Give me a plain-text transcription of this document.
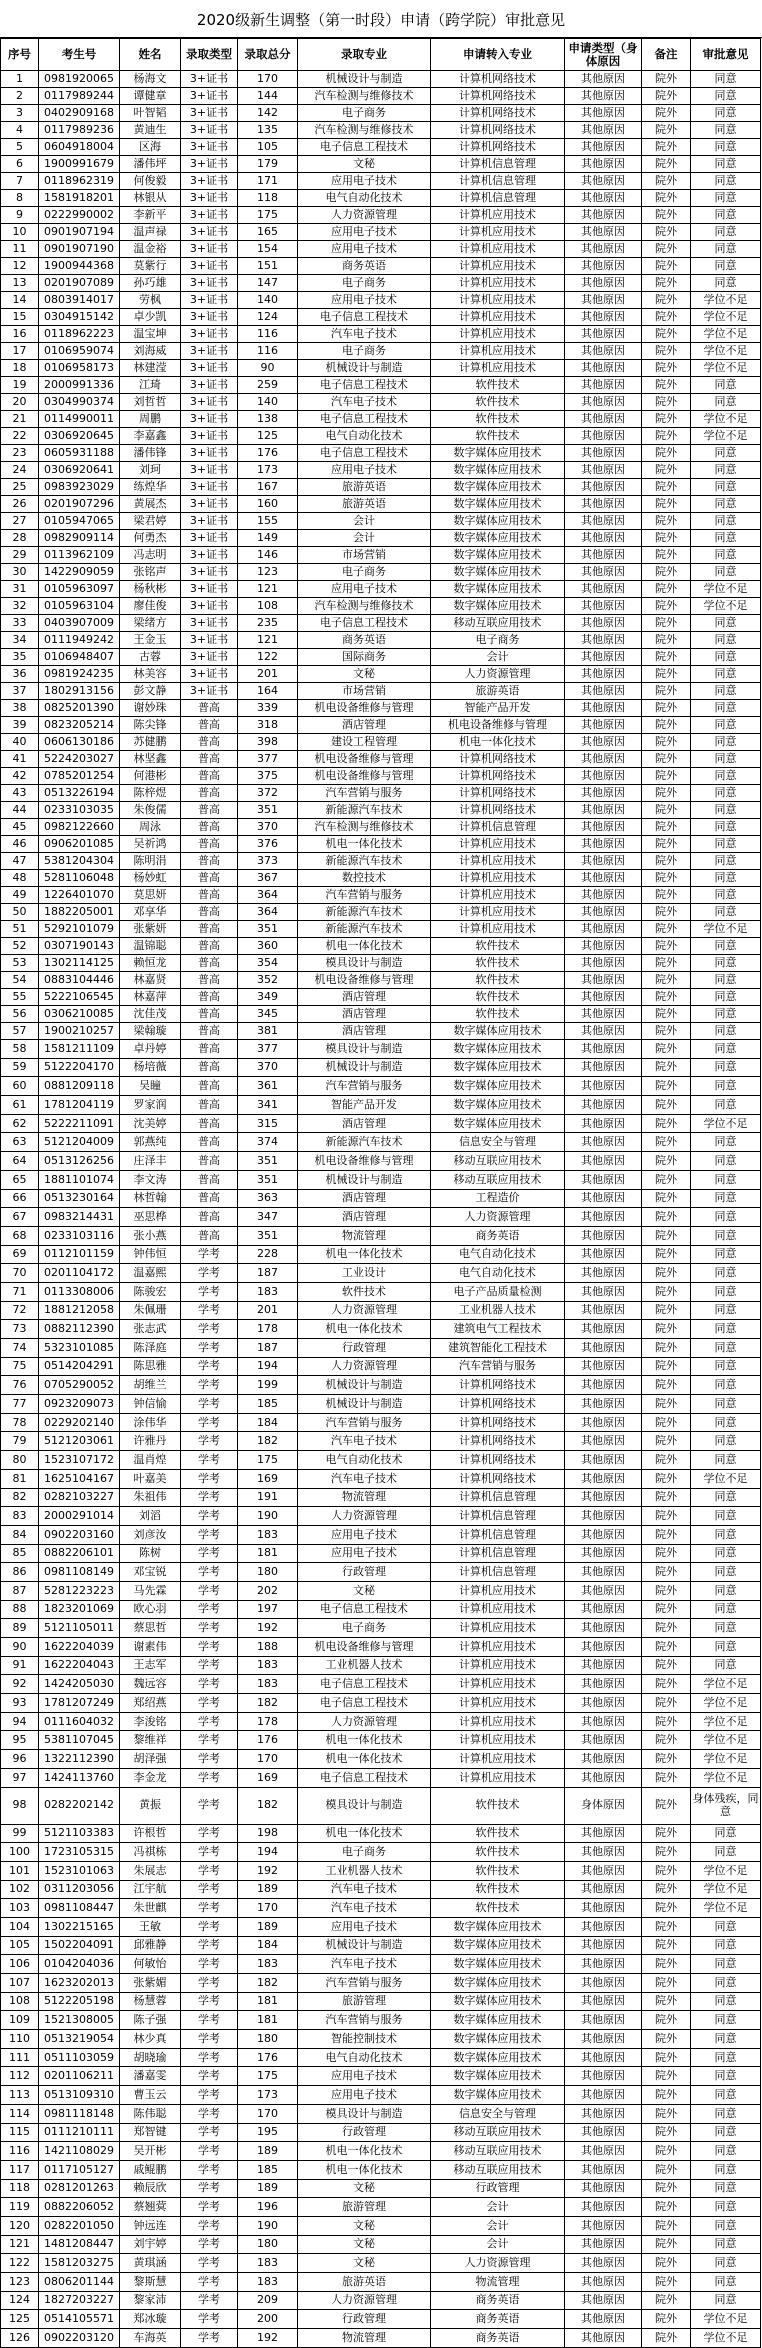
2020级新生调整（第一时段）申请（跨学院）审批意见
序号	考生号	姓名	录取类型	录取总分	录取专业	申请转入专业	申请类型（身体原因	备注	审批意见
1	0981920065	杨海文	3+证书	170	机械设计与制造	计算机网络技术	其他原因	院外	同意
2	0117989244	谭健章	3+证书	144	汽车检测与维修技术	计算机网络技术	其他原因	院外	同意
3	0402909168	叶智韬	3+证书	142	电子商务	计算机网络技术	其他原因	院外	同意
4	0117989236	黄迪生	3+证书	135	汽车检测与维修技术	计算机网络技术	其他原因	院外	同意
5	0604918004	区海	3+证书	105	电子信息工程技术	计算机网络技术	其他原因	院外	同意
6	1900991679	潘伟坪	3+证书	179	文秘	计算机信息管理	其他原因	院外	同意
7	0118962319	何俊毅	3+证书	171	应用电子技术	计算机信息管理	其他原因	院外	同意
8	1581918201	林银从	3+证书	118	电气自动化技术	计算机信息管理	其他原因	院外	同意
9	0222990002	李新平	3+证书	175	人力资源管理	计算机应用技术	其他原因	院外	同意
10	0901907194	温声禄	3+证书	165	应用电子技术	计算机应用技术	其他原因	院外	同意
11	0901907190	温金裕	3+证书	154	应用电子技术	计算机应用技术	其他原因	院外	同意
12	1900944368	莫紫行	3+证书	151	商务英语	计算机应用技术	其他原因	院外	同意
13	0201907089	孙巧雄	3+证书	147	电子商务	计算机应用技术	其他原因	院外	同意
14	0803914017	劳枫	3+证书	140	应用电子技术	计算机应用技术	其他原因	院外	学位不足
15	0304915142	卓少凯	3+证书	124	电子信息工程技术	计算机应用技术	其他原因	院外	学位不足
16	0118962223	温宝坤	3+证书	116	汽车电子技术	计算机应用技术	其他原因	院外	学位不足
17	0106959074	刘海威	3+证书	116	电子商务	计算机应用技术	其他原因	院外	学位不足
18	0106958173	林建滢	3+证书	90	机械设计与制造	计算机应用技术	其他原因	院外	学位不足
19	2000991336	江琦	3+证书	259	电子信息工程技术	软件技术	其他原因	院外	同意
20	0304990374	刘哲哲	3+证书	140	汽车电子技术	软件技术	其他原因	院外	同意
21	0114990011	周鹏	3+证书	138	电子信息工程技术	软件技术	其他原因	院外	学位不足
22	0306920645	李嘉鑫	3+证书	125	电气自动化技术	软件技术	其他原因	院外	学位不足
23	0605931188	潘伟锋	3+证书	176	电子信息工程技术	数字媒体应用技术	其他原因	院外	同意
24	0306920641	刘珂	3+证书	173	应用电子技术	数字媒体应用技术	其他原因	院外	同意
25	0983923029	练煌华	3+证书	167	旅游英语	数字媒体应用技术	其他原因	院外	同意
26	0201907296	黄展杰	3+证书	160	旅游英语	数字媒体应用技术	其他原因	院外	同意
27	0105947065	梁君婷	3+证书	155	会计	数字媒体应用技术	其他原因	院外	同意
28	0982909114	何勇杰	3+证书	149	会计	数字媒体应用技术	其他原因	院外	同意
29	0113962109	冯志明	3+证书	146	市场营销	数字媒体应用技术	其他原因	院外	同意
30	1422909059	张铭声	3+证书	123	电子商务	数字媒体应用技术	其他原因	院外	同意
31	0105963097	杨秋彬	3+证书	121	应用电子技术	数字媒体应用技术	其他原因	院外	学位不足
32	0105963104	廖佳俊	3+证书	108	汽车检测与维修技术	数字媒体应用技术	其他原因	院外	学位不足
33	0403907009	梁绪方	3+证书	235	电子信息工程技术	移动互联应用技术	其他原因	院外	同意
34	0111949242	王金玉	3+证书	121	商务英语	电子商务	其他原因	院外	同意
35	0106948407	古蓉	3+证书	122	国际商务	会计	其他原因	院外	同意
36	0981924235	林美容	3+证书	201	文秘	人力资源管理	其他原因	院外	同意
37	1802913156	彭文静	3+证书	164	市场营销	旅游英语	其他原因	院外	同意
38	0825201390	谢妙珠	普高	339	机电设备维修与管理	智能产品开发	其他原因	院外	同意
39	0823205214	陈尖锋	普高	318	酒店管理	机电设备维修与管理	其他原因	院外	同意
40	0606130186	苏健鹏	普高	398	建设工程管理	机电一体化技术	其他原因	院外	同意
41	5224203027	林坚鑫	普高	377	机电设备维修与管理	计算机网络技术	其他原因	院外	同意
42	0785201254	何港彬	普高	375	机电设备维修与管理	计算机网络技术	其他原因	院外	同意
43	0513226194	陈梓煜	普高	372	汽车营销与服务	计算机网络技术	其他原因	院外	同意
44	0233103035	朱俊儒	普高	351	新能源汽车技术	计算机网络技术	其他原因	院外	同意
45	0982122660	周泳	普高	370	汽车检测与维修技术	计算机信息管理	其他原因	院外	同意
46	0906201085	吴祈鸿	普高	376	机电一体化技术	计算机应用技术	其他原因	院外	同意
47	5381204304	陈明涓	普高	373	新能源汽车技术	计算机应用技术	其他原因	院外	同意
48	5281106048	杨妙虹	普高	367	数控技术	计算机应用技术	其他原因	院外	同意
49	1226401070	莫思妍	普高	364	汽车营销与服务	计算机应用技术	其他原因	院外	同意
50	1882205001	邓享华	普高	364	新能源汽车技术	计算机应用技术	其他原因	院外	同意
51	5292101079	张紫妍	普高	351	新能源汽车技术	计算机应用技术	其他原因	院外	学位不足
52	0307190143	温锦聪	普高	360	机电一体化技术	软件技术	其他原因	院外	同意
53	1302114125	赖恒龙	普高	354	模具设计与制造	软件技术	其他原因	院外	同意
54	0883104446	林嘉贤	普高	352	机电设备维修与管理	软件技术	其他原因	院外	同意
55	5222106545	林嘉萍	普高	349	酒店管理	软件技术	其他原因	院外	同意
56	0306210085	沈佳茂	普高	345	酒店管理	软件技术	其他原因	院外	同意
57	1900210257	梁翰璇	普高	381	酒店管理	数字媒体应用技术	其他原因	院外	同意
58	1581211109	卓丹婷	普高	377	模具设计与制造	数字媒体应用技术	其他原因	院外	同意
59	5122204170	杨培薇	普高	370	机械设计与制造	数字媒体应用技术	其他原因	院外	同意
60	0881209118	吴瞳	普高	361	汽车营销与服务	数字媒体应用技术	其他原因	院外	同意
61	1781204119	罗家润	普高	341	智能产品开发	数字媒体应用技术	其他原因	院外	同意
62	5222211091	沈美婷	普高	315	酒店管理	数字媒体应用技术	其他原因	院外	学位不足
63	5121204009	郭燕纯	普高	374	新能源汽车技术	信息安全与管理	其他原因	院外	同意
64	0513126256	庄泽丰	普高	351	机电设备维修与管理	移动互联应用技术	其他原因	院外	同意
65	1881101074	李文涛	普高	351	机械设计与制造	移动互联应用技术	其他原因	院外	同意
66	0513230164	林哲翰	普高	363	酒店管理	工程造价	其他原因	院外	同意
67	0983214431	巫思桦	普高	347	酒店管理	人力资源管理	其他原因	院外	同意
68	0233103116	张小燕	普高	351	物流管理	商务英语	其他原因	院外	同意
69	0112101159	钟伟恒	学考	228	机电一体化技术	电气自动化技术	其他原因	院外	同意
70	0201104172	温嘉熙	学考	187	工业设计	电气自动化技术	其他原因	院外	同意
71	0113308006	陈骏宏	学考	183	软件技术	电子产品质量检测	其他原因	院外	同意
72	1881212058	朱佩珊	学考	201	人力资源管理	工业机器人技术	其他原因	院外	同意
73	0882112390	张志武	学考	178	机电一体化技术	建筑电气工程技术	其他原因	院外	同意
74	5323101085	陈泽庭	学考	187	行政管理	建筑智能化工程技术	其他原因	院外	同意
75	0514204291	陈思雅	学考	194	人力资源管理	汽车营销与服务	其他原因	院外	同意
76	0705290052	胡维兰	学考	199	机械设计与制造	计算机网络技术	其他原因	院外	同意
77	0923209073	钟信愉	学考	185	机械设计与制造	计算机网络技术	其他原因	院外	同意
78	0229202140	涂伟华	学考	184	汽车营销与服务	计算机网络技术	其他原因	院外	同意
79	5121203061	许雅丹	学考	182	汽车电子技术	计算机网络技术	其他原因	院外	同意
80	1523107172	温肖煌	学考	175	电气自动化技术	计算机网络技术	其他原因	院外	同意
81	1625104167	叶嘉美	学考	169	汽车电子技术	计算机网络技术	其他原因	院外	学位不足
82	0282103227	朱祖伟	学考	191	物流管理	计算机信息管理	其他原因	院外	同意
83	2000291014	刘滔	学考	190	人力资源管理	计算机信息管理	其他原因	院外	同意
84	0902203160	刘彦汝	学考	183	应用电子技术	计算机信息管理	其他原因	院外	同意
85	0882206101	陈树	学考	181	应用电子技术	计算机信息管理	其他原因	院外	同意
86	0981108149	邓宝锐	学考	180	行政管理	计算机信息管理	其他原因	院外	同意
87	5281223223	马先霖	学考	202	文秘	计算机应用技术	其他原因	院外	同意
88	1823201069	欧心羽	学考	197	电子信息工程技术	计算机应用技术	其他原因	院外	同意
89	5121105011	蔡思哲	学考	192	电子商务	计算机应用技术	其他原因	院外	同意
90	1622204039	谢素伟	学考	188	机电设备维修与管理	计算机应用技术	其他原因	院外	同意
91	1622204043	王志军	学考	183	工业机器人技术	计算机应用技术	其他原因	院外	同意
92	1424205030	魏远容	学考	183	电子信息工程技术	计算机应用技术	其他原因	院外	学位不足
93	1781207249	郑绍燕	学考	182	电子信息工程技术	计算机应用技术	其他原因	院外	学位不足
94	0111604032	李浚铭	学考	178	人力资源管理	计算机应用技术	其他原因	院外	学位不足
95	5381107045	黎维祥	学考	176	机电一体化技术	计算机应用技术	其他原因	院外	学位不足
96	1322112390	胡泽强	学考	170	机电一体化技术	计算机应用技术	其他原因	院外	学位不足
97	1424113760	李金龙	学考	169	电子信息工程技术	计算机应用技术	其他原因	院外	学位不足
98	0282202142	黄振	学考	182	模具设计与制造	软件技术	身体原因	院外	身体残疾，同意
99	5121103383	许根哲	学考	198	机电一体化技术	软件技术	其他原因	院外	同意
100	1723105315	冯祺栋	学考	194	电子商务	软件技术	其他原因	院外	同意
101	1523101063	朱展志	学考	192	工业机器人技术	软件技术	其他原因	院外	学位不足
102	0311203056	江宇航	学考	189	汽车电子技术	软件技术	其他原因	院外	学位不足
103	0981108447	朱世麒	学考	170	汽车电子技术	软件技术	其他原因	院外	学位不足
104	1302215165	王敏	学考	189	应用电子技术	数字媒体应用技术	其他原因	院外	同意
105	1502204091	邱雅静	学考	184	机械设计与制造	数字媒体应用技术	其他原因	院外	同意
106	0104204036	何敏怡	学考	183	汽车电子技术	数字媒体应用技术	其他原因	院外	同意
107	1623202013	张紫媚	学考	182	汽车营销与服务	数字媒体应用技术	其他原因	院外	同意
108	5122205198	杨慧蓉	学考	181	旅游管理	数字媒体应用技术	其他原因	院外	同意
109	1521308005	陈子强	学考	181	汽车营销与服务	数字媒体应用技术	其他原因	院外	同意
110	0513219054	林少真	学考	180	智能控制技术	数字媒体应用技术	其他原因	院外	同意
111	0511103059	胡晓瑜	学考	176	电气自动化技术	数字媒体应用技术	其他原因	院外	同意
112	0201106211	潘嘉雯	学考	175	应用电子技术	数字媒体应用技术	其他原因	院外	同意
113	0513109310	曹玉云	学考	173	应用电子技术	数字媒体应用技术	其他原因	院外	同意
114	0981118148	陈伟聪	学考	170	模具设计与制造	信息安全与管理	其他原因	院外	同意
115	0111210111	郑智键	学考	195	行政管理	移动互联应用技术	其他原因	院外	同意
116	1421108029	吴开彬	学考	189	机电一体化技术	移动互联应用技术	其他原因	院外	同意
117	0117105127	戚鲲鹏	学考	185	机电一体化技术	移动互联应用技术	其他原因	院外	同意
118	0281201263	赖辰欣	学考	189	文秘	行政管理	其他原因	院外	同意
119	0882206052	蔡翘蓂	学考	196	旅游管理	会计	其他原因	院外	同意
120	0282201050	钟远连	学考	190	文秘	会计	其他原因	院外	同意
121	1481208447	刘宇婷	学考	180	文秘	会计	其他原因	院外	同意
122	1581203275	黄琪涵	学考	183	文秘	人力资源管理	其他原因	院外	同意
123	0806201144	黎斯慧	学考	183	旅游英语	物流管理	其他原因	院外	同意
124	1827203227	黎家沛	学考	209	人力资源管理	商务英语	其他原因	院外	同意
125	0514105571	郑冰璇	学考	200	行政管理	商务英语	其他原因	院外	学位不足
126	0902203120	车海英	学考	192	物流管理	商务英语	其他原因	院外	学位不足
